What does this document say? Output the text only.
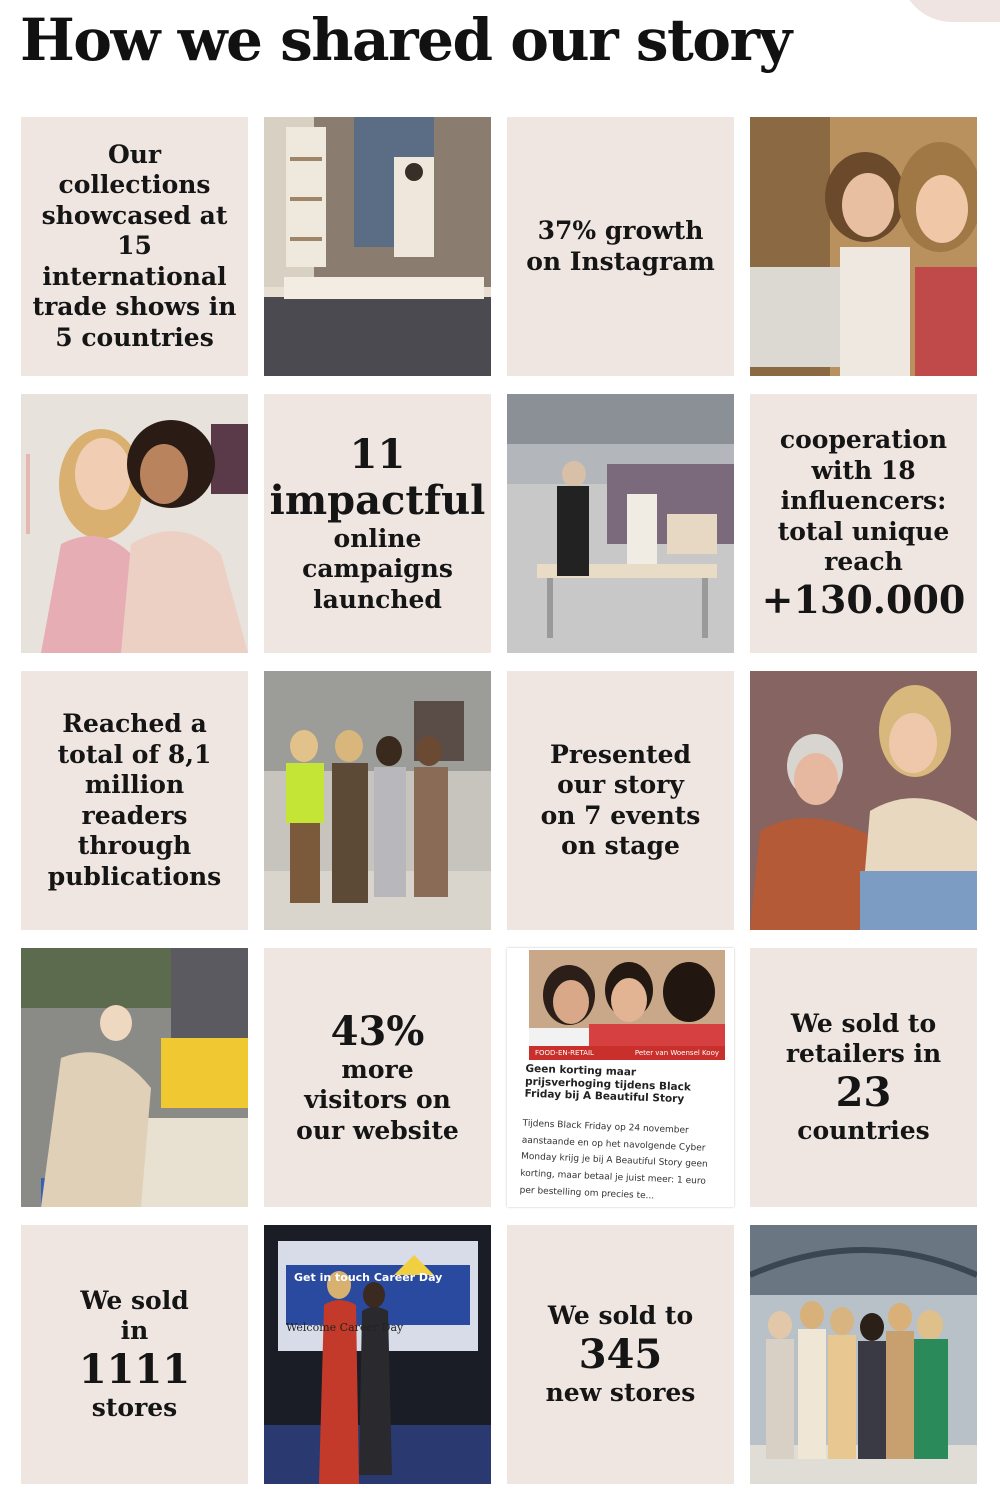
How we shared our story
Our collections
showcased at
15 international
trade shows in
5 countries
37% growth
on Instagram
11
impactful
online
campaigns
launched
cooperation
with 18
influencers:
total unique
reach
+130.000
Reached a
total of 8,1
million readers
through
publications
Presented
our story
on 7 events
on stage
43%
more
visitors on
our website
FOOD-EN-RETAIL	Peter van Woensel Kooy
Geen korting maar prijsverhoging tijdens Black Friday bij A Beautiful Story
Tijdens Black Friday op 24 november aanstaande en op het navolgende Cyber Monday krijg je bij A Beautiful Story geen korting, maar betaal je juist meer: 1 euro per bestelling om precies te...
We sold to
retailers in
23
countries
We sold
in
1111
stores
Get in touch Career Day
Welcome Career Day	We sold to
345
new stores
